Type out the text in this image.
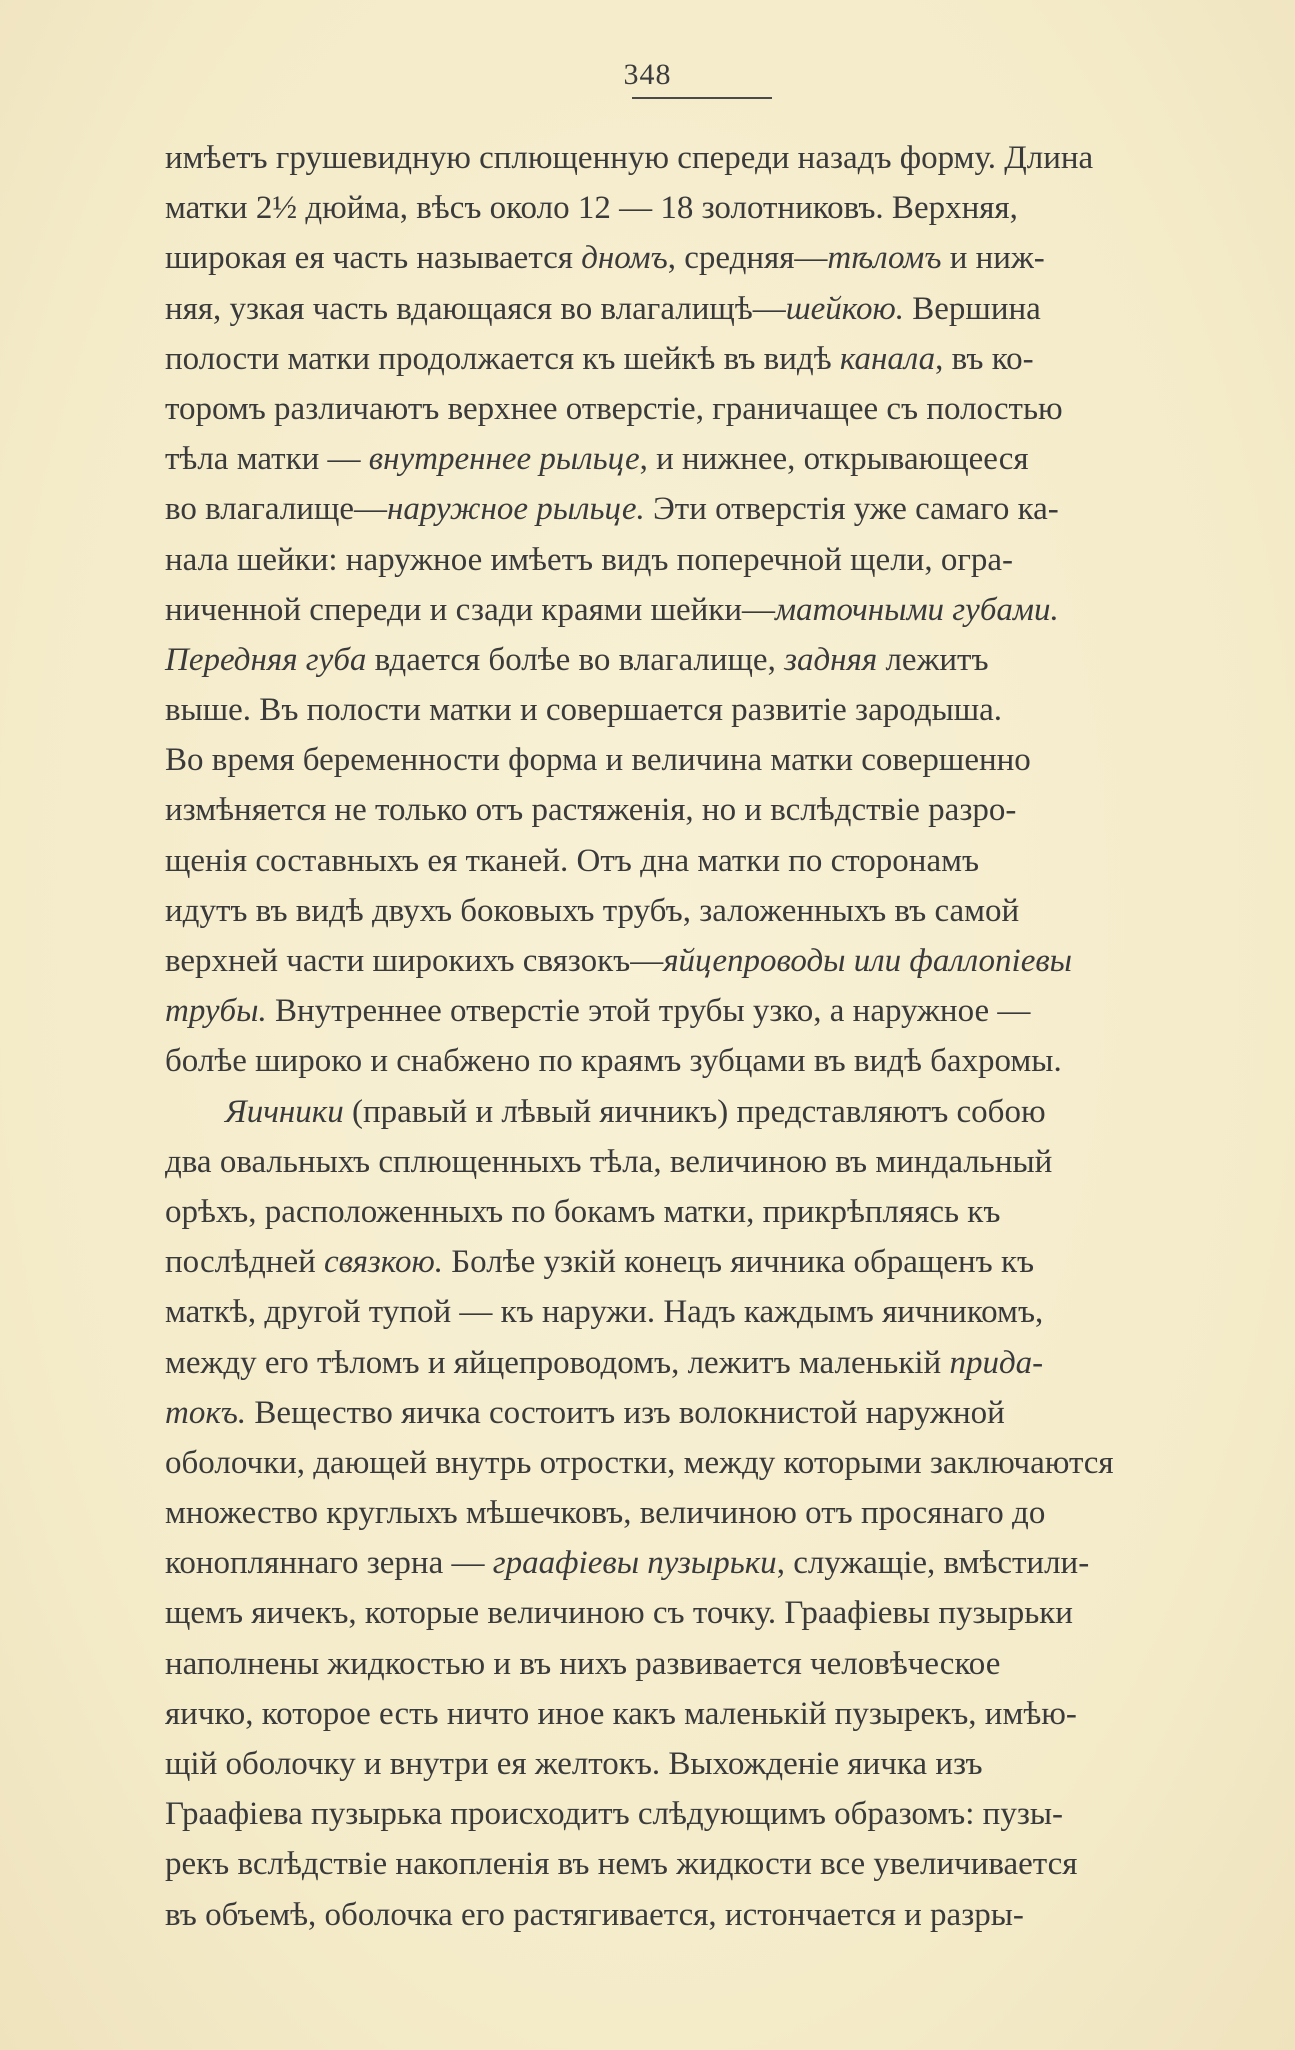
348
имѣетъ грушевидную сплющенную спереди назадъ форму. Длина
матки 2½ дюйма, вѣсъ около 12 — 18 золотниковъ. Верхняя,
широкая ея часть называется дномъ, средняя—тѣломъ и ниж-
няя, узкая часть вдающаяся во влагалищѣ—шейкою. Вершина
полости матки продолжается къ шейкѣ въ видѣ канала, въ ко-
торомъ различаютъ верхнее отверстіе, граничащее съ полостью
тѣла матки — внутреннее рыльце, и нижнее, открывающееся
во влагалище—наружное рыльце. Эти отверстія уже самаго ка-
нала шейки: наружное имѣетъ видъ поперечной щели, огра-
ниченной спереди и сзади краями шейки—маточными губами.
Передняя губа вдается болѣе во влагалище, задняя лежитъ
выше. Въ полости матки и совершается развитіе зародыша.
Во время беременности форма и величина матки совершенно
измѣняется не только отъ растяженія, но и вслѣдствіе разро-
щенія составныхъ ея тканей. Отъ дна матки по сторонамъ
идутъ въ видѣ двухъ боковыхъ трубъ, заложенныхъ въ самой
верхней части широкихъ связокъ—яйцепроводы или фаллопіевы
трубы. Внутреннее отверстіе этой трубы узко, а наружное —
болѣе широко и снабжено по краямъ зубцами въ видѣ бахромы.
Яичники (правый и лѣвый яичникъ) представляютъ собою
два овальныхъ сплющенныхъ тѣла, величиною въ миндальный
орѣхъ, расположенныхъ по бокамъ матки, прикрѣпляясь къ
послѣдней связкою. Болѣе узкій конецъ яичника обращенъ къ
маткѣ, другой тупой — къ наружи. Надъ каждымъ яичникомъ,
между его тѣломъ и яйцепроводомъ, лежитъ маленькій прида-
токъ. Вещество яичка состоитъ изъ волокнистой наружной
оболочки, дающей внутрь отростки, между которыми заключаются
множество круглыхъ мѣшечковъ, величиною отъ просянаго до
конопляннаго зерна — граафіевы пузырьки, служащіе, вмѣстили-
щемъ яичекъ, которые величиною съ точку. Граафіевы пузырьки
наполнены жидкостью и въ нихъ развивается человѣческое
яичко, которое есть ничто иное какъ маленькій пузырекъ, имѣю-
щій оболочку и внутри ея желтокъ. Выхожденіе яичка изъ
Граафіева пузырька происходитъ слѣдующимъ образомъ: пузы-
рекъ вслѣдствіе накопленія въ немъ жидкости все увеличивается
въ объемѣ, оболочка его растягивается, истончается и разры-
